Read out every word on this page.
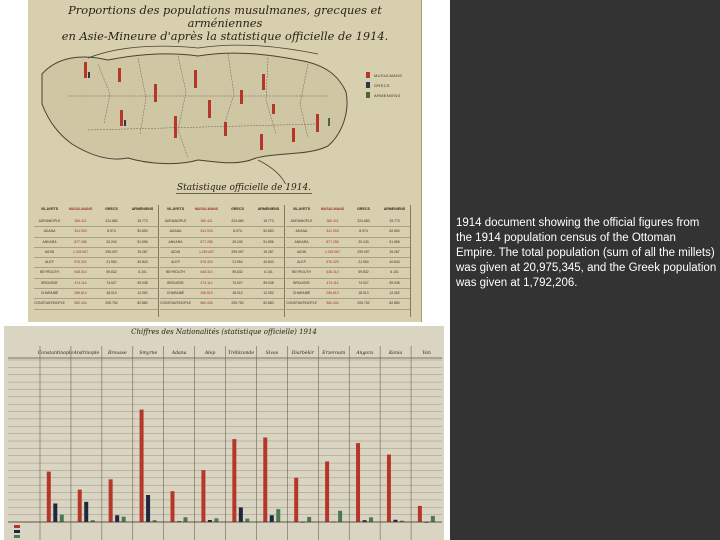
Proportions des populations musulmanes, grecques et arméniennes
en Asie-Mineure d'après la statistique officielle de 1914.
MUSULMANS
GRECS
ARMENIENS
Statistique officielle de 1914.
VILAYETS	MUSULMANS	GRECS	ARMÉNIENS
ADRIANOPLE	360.411	224.680	19.773
ADANA	341.903	8.974	52.650
ANKARA	877.285	20.240	51.556
AIDIN	1.249.067	299.097	19.287
ALEP	576.320	21.954	40.843
BEYROUTH	648.314	59.832	6.101
BROUSSE	474.114	74.927	59.038
CHARAIBÉ	256.813	18.010	12.052
CONSTANTINOPLE	560.434	205.752	82.880
VILAYETS	MUSULMANS	GRECS	ARMÉNIENS
ADRIANOPLE	360.411	224.680	19.773
ADANA	341.903	8.974	52.650
ANKARA	877.285	20.240	51.556
AIDIN	1.249.067	299.097	19.287
ALEP	576.320	21.954	40.843
BEYROUTH	648.314	59.832	6.101
BROUSSE	474.114	74.927	59.038
CHARAIBÉ	256.813	18.010	12.052
CONSTANTINOPLE	560.434	205.752	82.880
VILAYETS	MUSULMANS	GRECS	ARMÉNIENS
ADRIANOPLE	360.411	224.680	19.773
ADANA	341.903	8.974	52.650
ANKARA	877.285	20.240	51.556
AIDIN	1.249.067	299.097	19.287
ALEP	576.320	21.954	40.843
BEYROUTH	648.314	59.832	6.101
BROUSSE	474.114	74.927	59.038
CHARAIBÉ	256.813	18.010	12.052
CONSTANTINOPLE	560.434	205.752	82.880
Constantinople Andrinople Brousse	Smyrne	Adana	Alep	Trébizonde	Sivas	Diarbékir Erzeroum Angora	Konia	Van
Chiffres des Nationalités (statistique officielle) 1914
1914 document showing the official figures from the 1914 population census of the Ottoman Empire. The total population (sum of all the millets) was given at 20,975,345, and the Greek population was given at 1,792,206.
